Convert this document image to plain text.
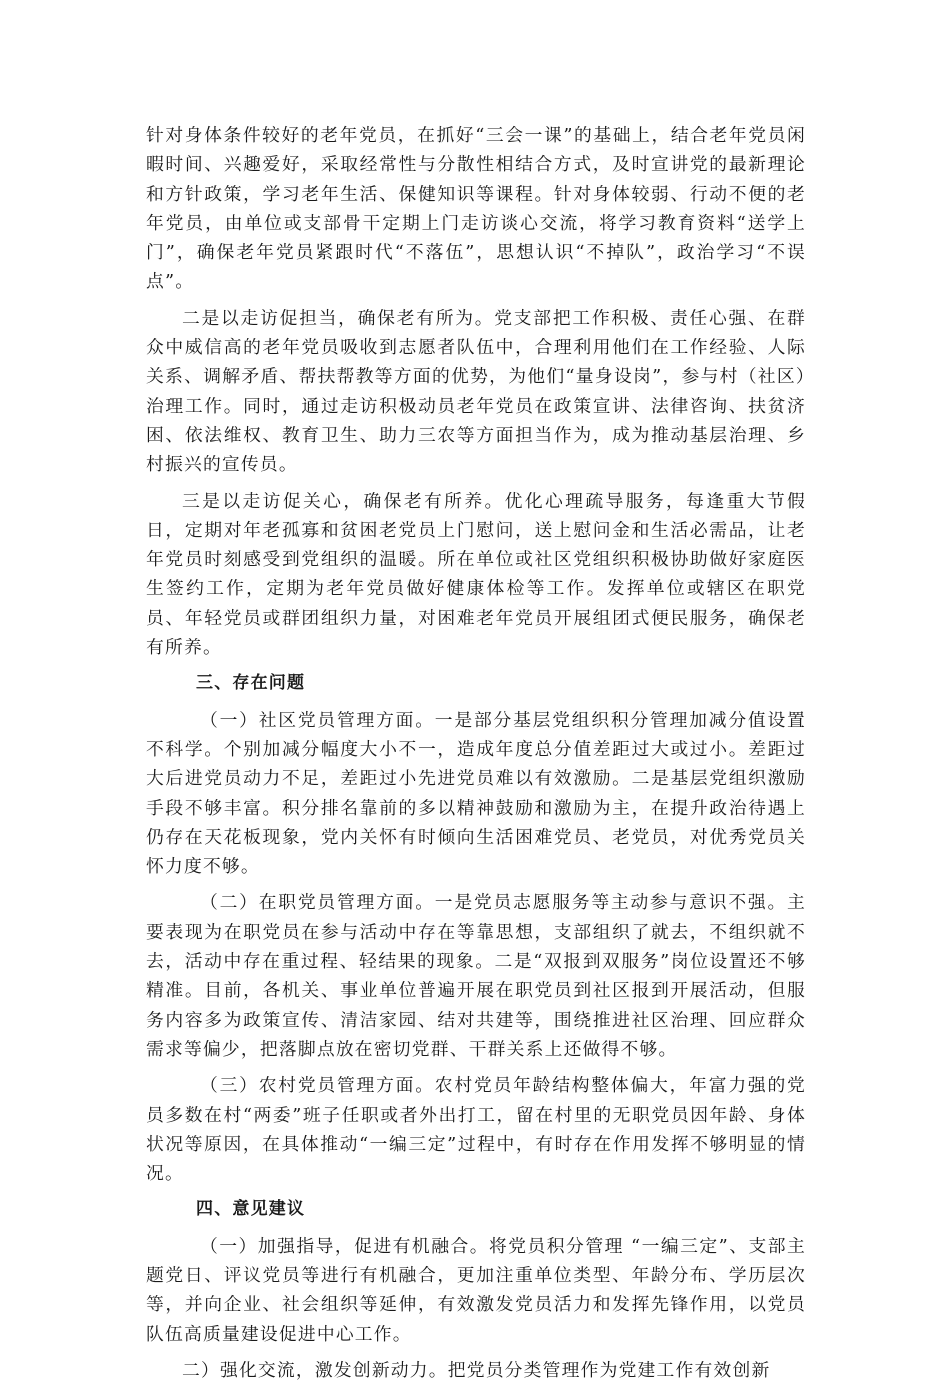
针对身体条件较好的老年党员，在抓好“三会一课”的基础上，结合老年党员闲暇时间、兴趣爱好，采取经常性与分散性相结合方式，及时宣讲党的最新理论和方针政策，学习老年生活、保健知识等课程。针对身体较弱、行动不便的老年党员，由单位或支部骨干定期上门走访谈心交流，将学习教育资料“送学上门”，确保老年党员紧跟时代“不落伍”，思想认识“不掉队”，政治学习“不误点”。

二是以走访促担当，确保老有所为。党支部把工作积极、责任心强、在群众中威信高的老年党员吸收到志愿者队伍中，合理利用他们在工作经验、人际关系、调解矛盾、帮扶帮教等方面的优势，为他们“量身设岗”，参与村（社区）治理工作。同时，通过走访积极动员老年党员在政策宣讲、法律咨询、扶贫济困、依法维权、教育卫生、助力三农等方面担当作为，成为推动基层治理、乡村振兴的宣传员。

三是以走访促关心，确保老有所养。优化心理疏导服务，每逢重大节假日，定期对年老孤寡和贫困老党员上门慰问，送上慰问金和生活必需品，让老年党员时刻感受到党组织的温暖。所在单位或社区党组织积极协助做好家庭医生签约工作，定期为老年党员做好健康体检等工作。发挥单位或辖区在职党员、年轻党员或群团组织力量，对困难老年党员开展组团式便民服务，确保老有所养。

三、存在问题

（一）社区党员管理方面。一是部分基层党组织积分管理加减分值设置不科学。个别加减分幅度大小不一，造成年度总分值差距过大或过小。差距过大后进党员动力不足，差距过小先进党员难以有效激励。二是基层党组织激励手段不够丰富。积分排名靠前的多以精神鼓励和激励为主，在提升政治待遇上仍存在天花板现象，党内关怀有时倾向生活困难党员、老党员，对优秀党员关怀力度不够。

（二）在职党员管理方面。一是党员志愿服务等主动参与意识不强。主要表现为在职党员在参与活动中存在等靠思想，支部组织了就去，不组织就不去，活动中存在重过程、轻结果的现象。二是“双报到双服务”岗位设置还不够精准。目前，各机关、事业单位普遍开展在职党员到社区报到开展活动，但服务内容多为政策宣传、清洁家园、结对共建等，围绕推进社区治理、回应群众需求等偏少，把落脚点放在密切党群、干群关系上还做得不够。

（三）农村党员管理方面。农村党员年龄结构整体偏大，年富力强的党员多数在村“两委”班子任职或者外出打工，留在村里的无职党员因年龄、身体状况等原因，在具体推动“一编三定”过程中，有时存在作用发挥不够明显的情况。

四、意见建议

（一）加强指导，促进有机融合。将党员积分管理 “一编三定”、支部主题党日、评议党员等进行有机融合，更加注重单位类型、年龄分布、学历层次等，并向企业、社会组织等延伸，有效激发党员活力和发挥先锋作用，以党员队伍高质量建设促进中心工作。

二）强化交流，激发创新动力。把党员分类管理作为党建工作有效创新
